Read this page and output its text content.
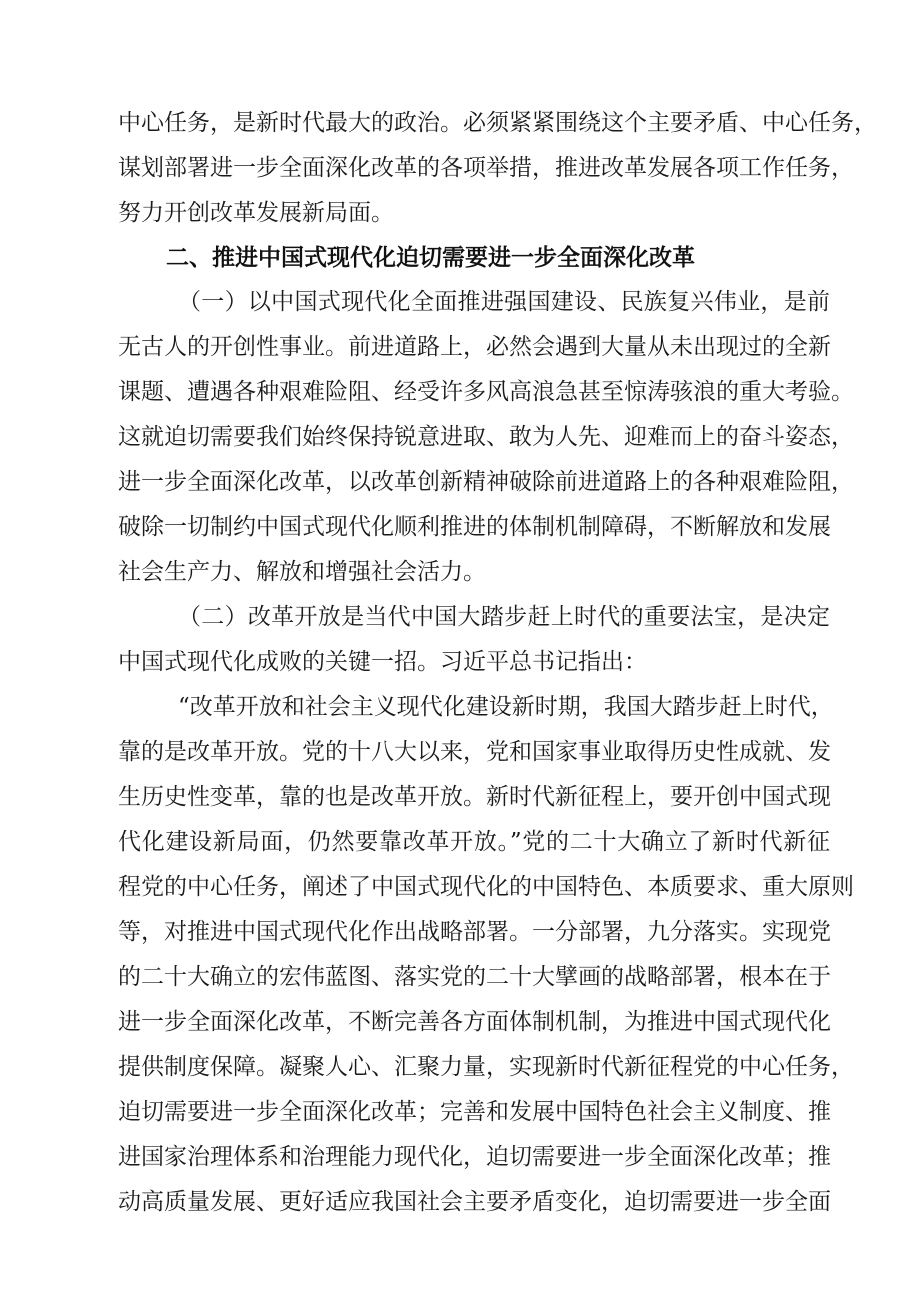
中心任务，是新时代最大的政治。必须紧紧围绕这个主要矛盾、中心任务，
谋划部署进一步全面深化改革的各项举措，推进改革发展各项工作任务，
努力开创改革发展新局面。
二、推进中国式现代化迫切需要进一步全面深化改革
（一）以中国式现代化全面推进强国建设、民族复兴伟业，是前
无古人的开创性事业。前进道路上，必然会遇到大量从未出现过的全新
课题、遭遇各种艰难险阻、经受许多风高浪急甚至惊涛骇浪的重大考验。
这就迫切需要我们始终保持锐意进取、敢为人先、迎难而上的奋斗姿态，
进一步全面深化改革，以改革创新精神破除前进道路上的各种艰难险阻，
破除一切制约中国式现代化顺利推进的体制机制障碍，不断解放和发展
社会生产力、解放和增强社会活力。
（二）改革开放是当代中国大踏步赶上时代的重要法宝，是决定
中国式现代化成败的关键一招。习近平总书记指出：
“改革开放和社会主义现代化建设新时期，我国大踏步赶上时代，
靠的是改革开放。党的十八大以来，党和国家事业取得历史性成就、发
生历史性变革，靠的也是改革开放。新时代新征程上，要开创中国式现
代化建设新局面，仍然要靠改革开放。”党的二十大确立了新时代新征
程党的中心任务，阐述了中国式现代化的中国特色、本质要求、重大原则
等，对推进中国式现代化作出战略部署。一分部署，九分落实。实现党
的二十大确立的宏伟蓝图、落实党的二十大擘画的战略部署，根本在于
进一步全面深化改革，不断完善各方面体制机制，为推进中国式现代化
提供制度保障。凝聚人心、汇聚力量，实现新时代新征程党的中心任务，
迫切需要进一步全面深化改革；完善和发展中国特色社会主义制度、推
进国家治理体系和治理能力现代化，迫切需要进一步全面深化改革；推
动高质量发展、更好适应我国社会主要矛盾变化，迫切需要进一步全面
